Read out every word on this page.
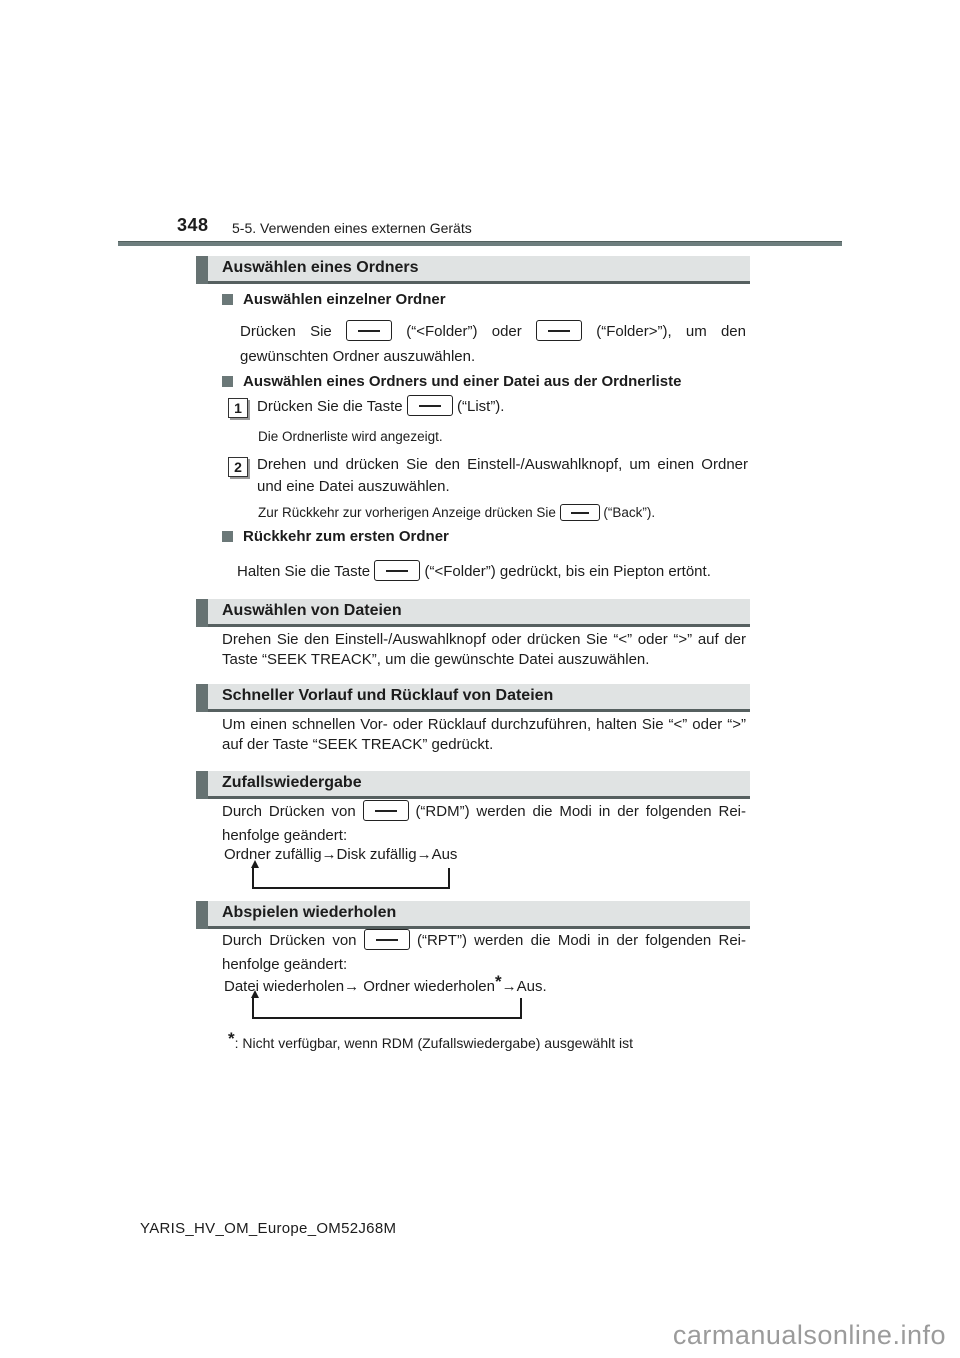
348 5-5. Verwenden eines externen Geräts
Auswählen eines Ordners
Auswählen einzelner Ordner
Drücken Sie	(“<Folder”) oder	(“Folder>”), um den
gewünschten Ordner auszuwählen.
Auswählen eines Ordners und einer Datei aus der Ordnerliste
1	Drücken Sie die Taste	(“List”).
Die Ordnerliste wird angezeigt.
2	Drehen und drücken Sie den Einstell-/Auswahlknopf, um einen Ordner
und eine Datei auszuwählen.
Zur Rückkehr zur vorherigen Anzeige drücken Sie	(“Back”).
Rückkehr zum ersten Ordner
Halten Sie die Taste	(“<Folder”) gedrückt, bis ein Piepton ertönt.
Auswählen von Dateien
Drehen Sie den Einstell-/Auswahlknopf oder drücken Sie “<” oder “>” auf der
Taste “SEEK TREACK”, um die gewünschte Datei auszuwählen.
Schneller Vorlauf und Rücklauf von Dateien
Um einen schnellen Vor- oder Rücklauf durchzuführen, halten Sie “<” oder “>”
auf der Taste “SEEK TREACK” gedrückt.
Zufallswiedergabe
Durch Drücken von	(“RDM”) werden die Modi in der folgenden Rei-
henfolge geändert:
Ordner zufällig→Disk zufällig→Aus
Abspielen wiederholen
Durch Drücken von	(“RPT”) werden die Modi in der folgenden Rei-
henfolge geändert:
Datei wiederholen→ Ordner wiederholen*→Aus.
*: Nicht verfügbar, wenn RDM (Zufallswiedergabe) ausgewählt ist
YARIS_HV_OM_Europe_OM52J68M
carmanualsonline.info
